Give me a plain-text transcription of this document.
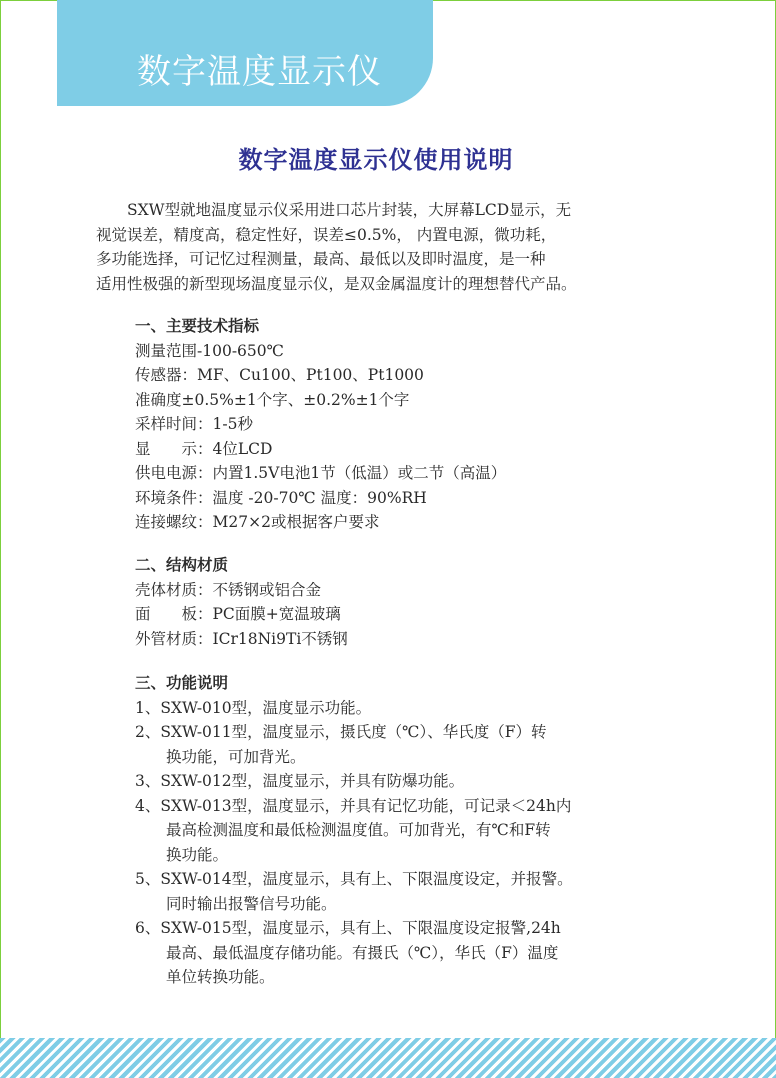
数字温度显示仪
数字温度显示仪使用说明
SXW型就地温度显示仪采用进口芯片封装，大屏幕LCD显示，无
视觉误差，精度高，稳定性好，误差≤0.5%， 内置电源，微功耗，
多功能选择，可记忆过程测量，最高、最低以及即时温度，是一种
适用性极强的新型现场温度显示仪，是双金属温度计的理想替代产品。
一、主要技术指标
测量范围-100-650℃
传感器：MF、Cu100、Pt100、Pt1000
准确度±0.5%±1个字、±0.2%±1个字
采样时间：1-5秒
显　　示：4位LCD
供电电源：内置1.5V电池1节（低温）或二节（高温）
环境条件：温度 -20-70℃ 温度：90%RH
连接螺纹：M27×2或根据客户要求
二、结构材质
壳体材质：不锈钢或铝合金
面　　板：PC面膜+宽温玻璃
外管材质：ICr18Ni9Ti不锈钢
三、功能说明
1、SXW-010型，温度显示功能。
2、SXW-011型，温度显示，摄氏度（℃）、华氏度（F）转
换功能，可加背光。
3、SXW-012型，温度显示，并具有防爆功能。
4、SXW-013型，温度显示，并具有记忆功能，可记录＜24h内
最高检测温度和最低检测温度值。可加背光，有℃和F转
换功能。
5、SXW-014型，温度显示，具有上、下限温度设定，并报警。
同时输出报警信号功能。
6、SXW-015型，温度显示，具有上、下限温度设定报警,24h
最高、最低温度存储功能。有摄氏（℃），华氏（F）温度
单位转换功能。
